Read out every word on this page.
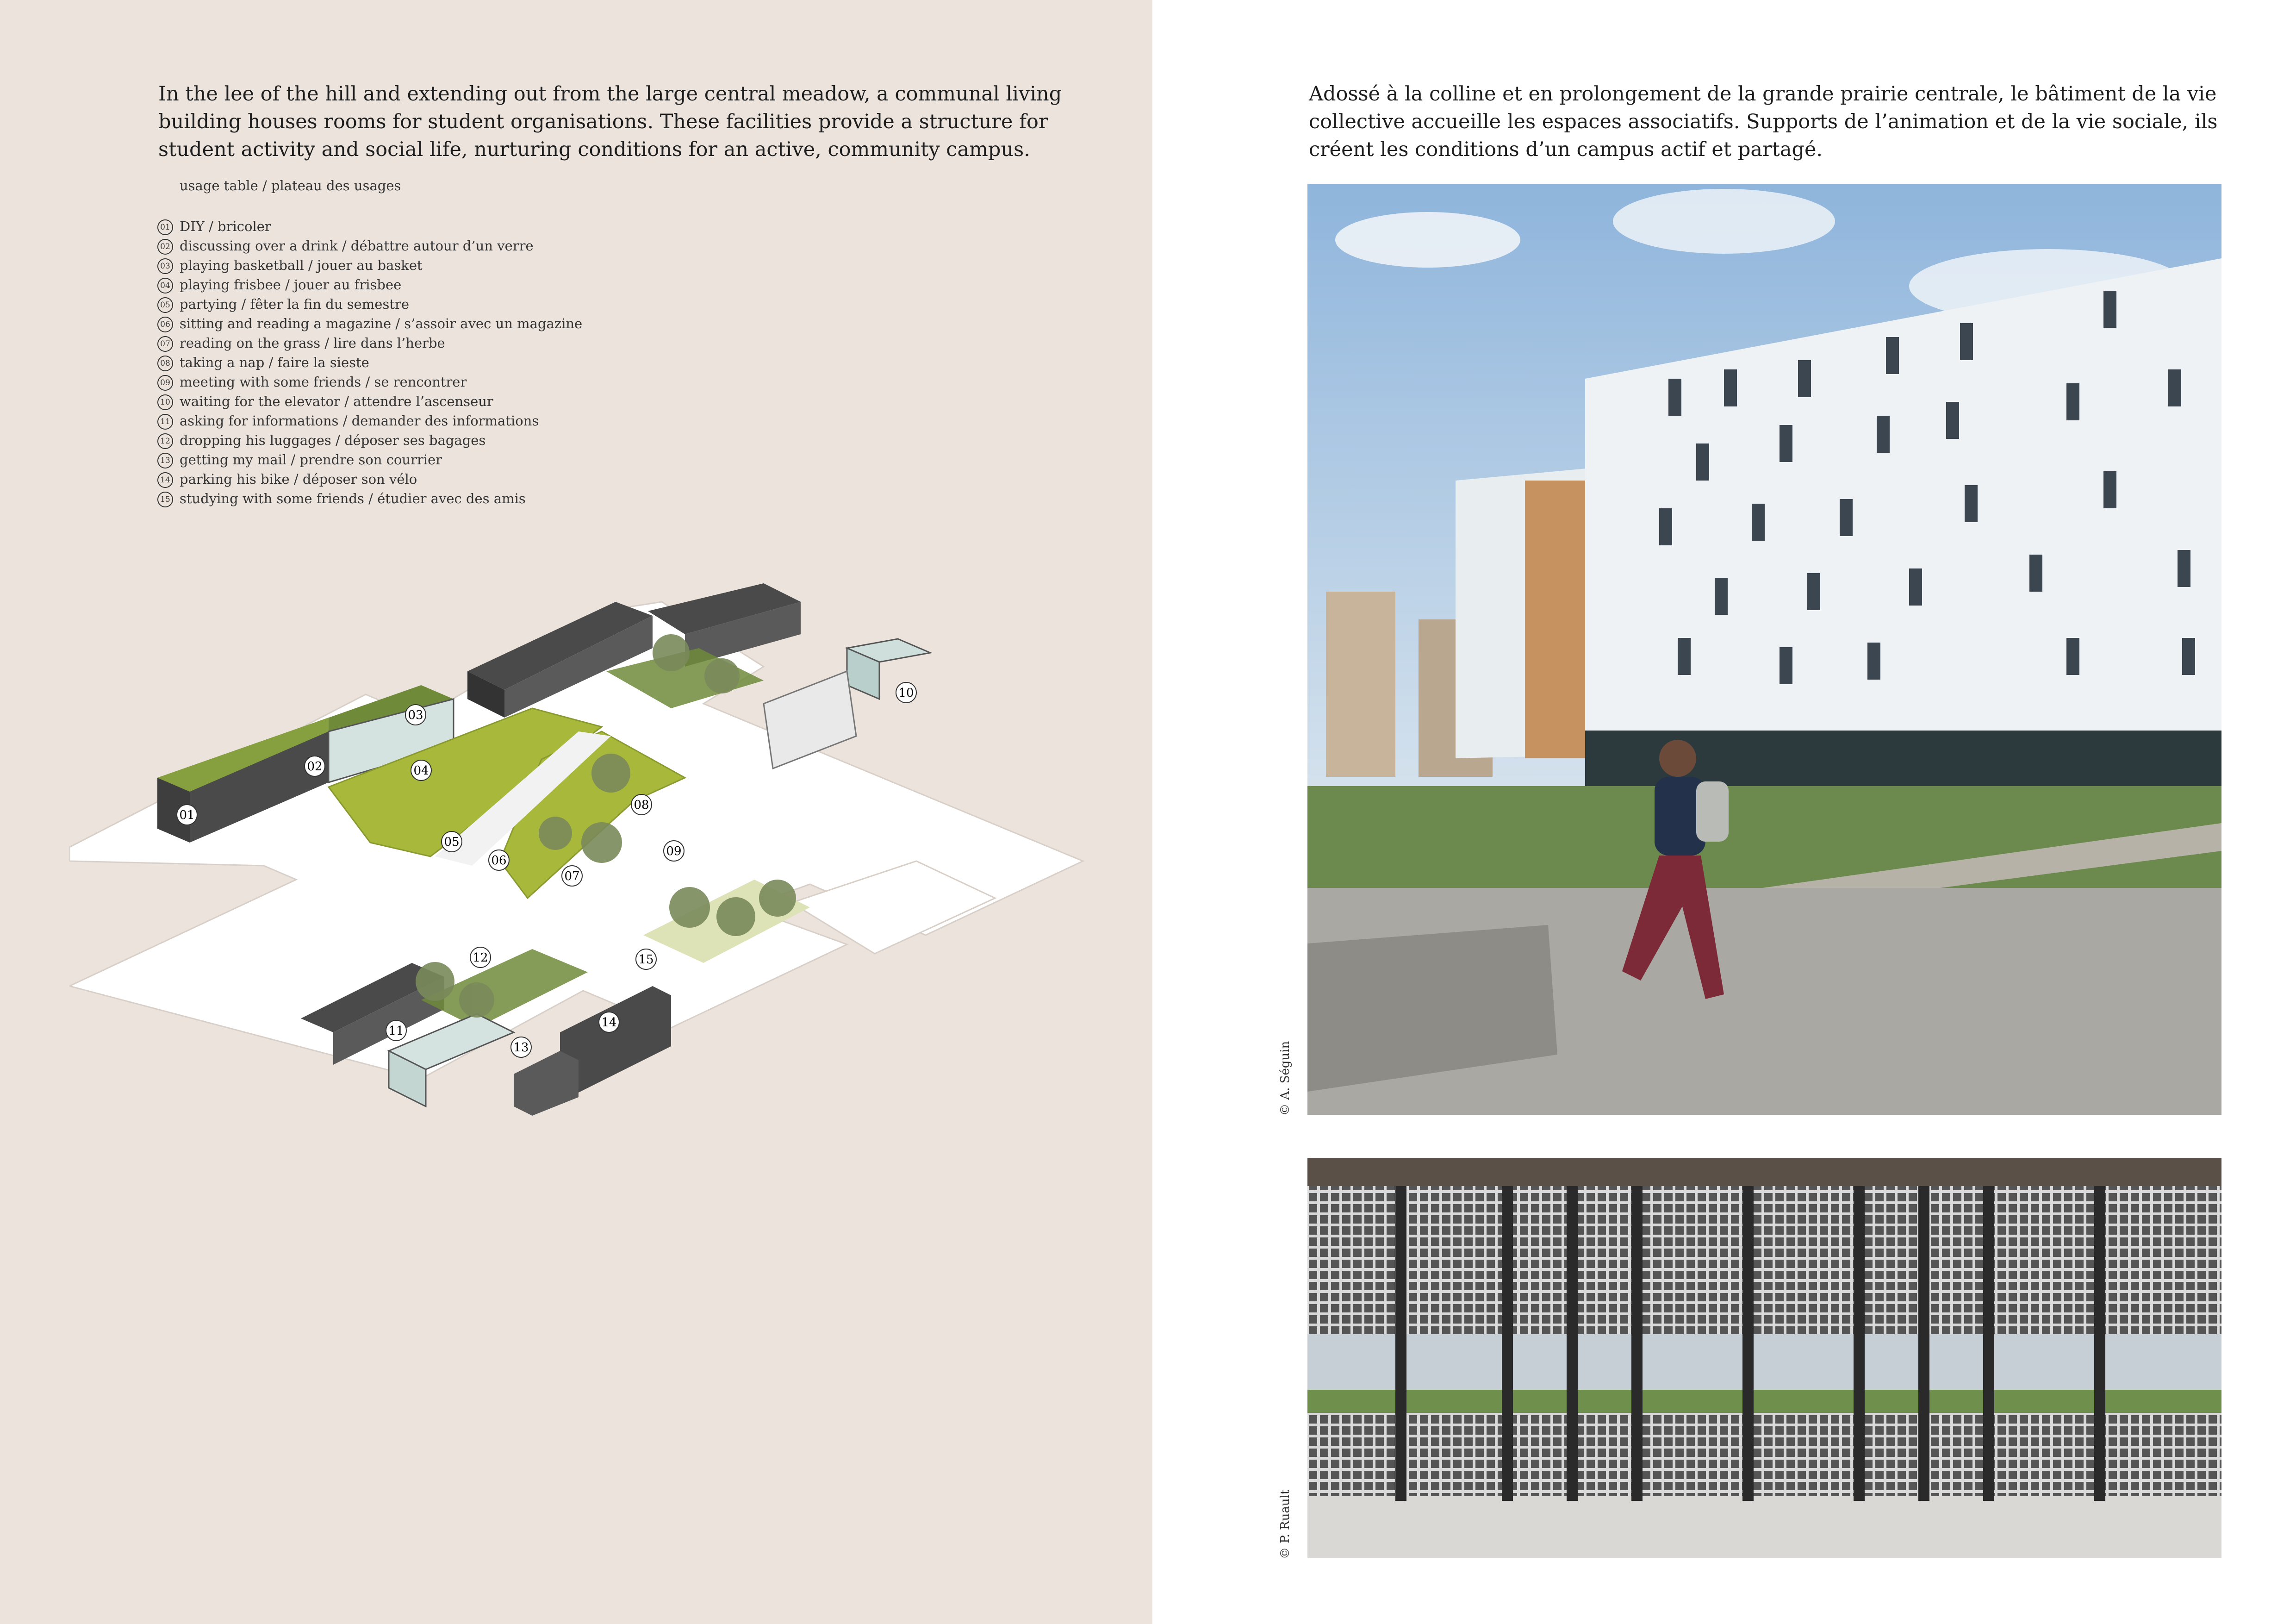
In the lee of the hill and extending out from the large central meadow, a communal living building houses rooms for student organisations. These facilities provide a structure for student activity and social life, nurturing conditions for an active, community campus.

Adossé à la colline et en prolongement de la grande prairie centrale, le bâtiment de la vie collective accueille les espaces associatifs. Supports de l’animation et de la vie sociale, ils créent les conditions d’un campus actif et partagé.

usage table / plateau des usages
01 DIY / bricoler
02 discussing over a drink / débattre autour d’un verre
03 playing basketball / jouer au basket
04 playing frisbee / jouer au frisbee
05 partying / fêter la fin du semestre
06 sitting and reading a magazine / s’assoir avec un magazine
07 reading on the grass / lire dans l’herbe
08 taking a nap / faire la sieste
09 meeting with some friends / se rencontrer
10 waiting for the elevator / attendre l’ascenseur
11 asking for informations / demander des informations
12 dropping his luggages / déposer ses bagages
13 getting my mail / prendre son courrier
14 parking his bike / déposer son vélo
15 studying with some friends / étudier avec des amis
01
02
03
04
05
06
07
08
09
10
11
12
13
14
15
© A. Séguin
© P. Ruault
